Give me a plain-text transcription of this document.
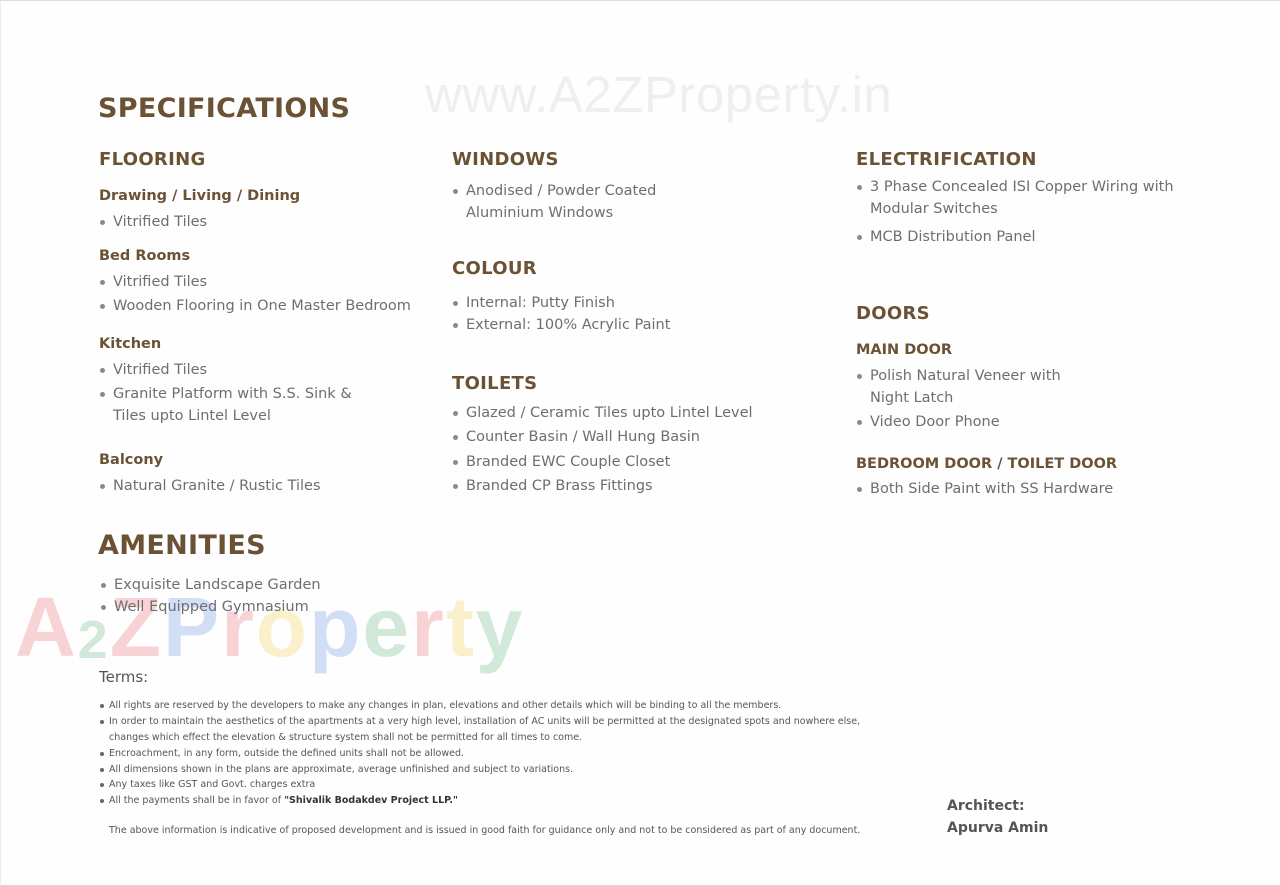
www.A2ZProperty.in
A2ZProperty
SPECIFICATIONS
FLOORING
Drawing / Living / Dining
Vitrified Tiles
Bed Rooms
Vitrified Tiles
Wooden Flooring in One Master Bedroom
Kitchen
Vitrified Tiles
Granite Platform with S.S. Sink &
Tiles upto Lintel Level
Balcony
Natural Granite / Rustic Tiles
WINDOWS
Anodised / Powder Coated
Aluminium Windows
COLOUR
Internal: Putty Finish
External: 100% Acrylic Paint
TOILETS
Glazed / Ceramic Tiles upto Lintel Level
Counter Basin / Wall Hung Basin
Branded EWC Couple Closet
Branded CP Brass Fittings
ELECTRIFICATION
3 Phase Concealed ISI Copper Wiring with
Modular Switches
MCB Distribution Panel
DOORS
MAIN DOOR
Polish Natural Veneer with
Night Latch
Video Door Phone
BEDROOM DOOR / TOILET DOOR
Both Side Paint with SS Hardware
AMENITIES
Exquisite Landscape Garden
Well Equipped Gymnasium
Terms:
All rights are reserved by the developers to make any changes in plan, elevations and other details which will be binding to all the members.
In order to maintain the aesthetics of the apartments at a very high level, installation of AC units will be permitted at the designated spots and nowhere else,
changes which effect the elevation & structure system shall not be permitted for all times to come.
Encroachment, in any form, outside the defined units shall not be allowed.
All dimensions shown in the plans are approximate, average unfinished and subject to variations.
Any taxes like GST and Govt. charges extra
All the payments shall be in favor of "Shivalik Bodakdev Project LLP."
The above information is indicative of proposed development and is issued in good faith for guidance only and not to be considered as part of any document.
Architect:
Apurva Amin
